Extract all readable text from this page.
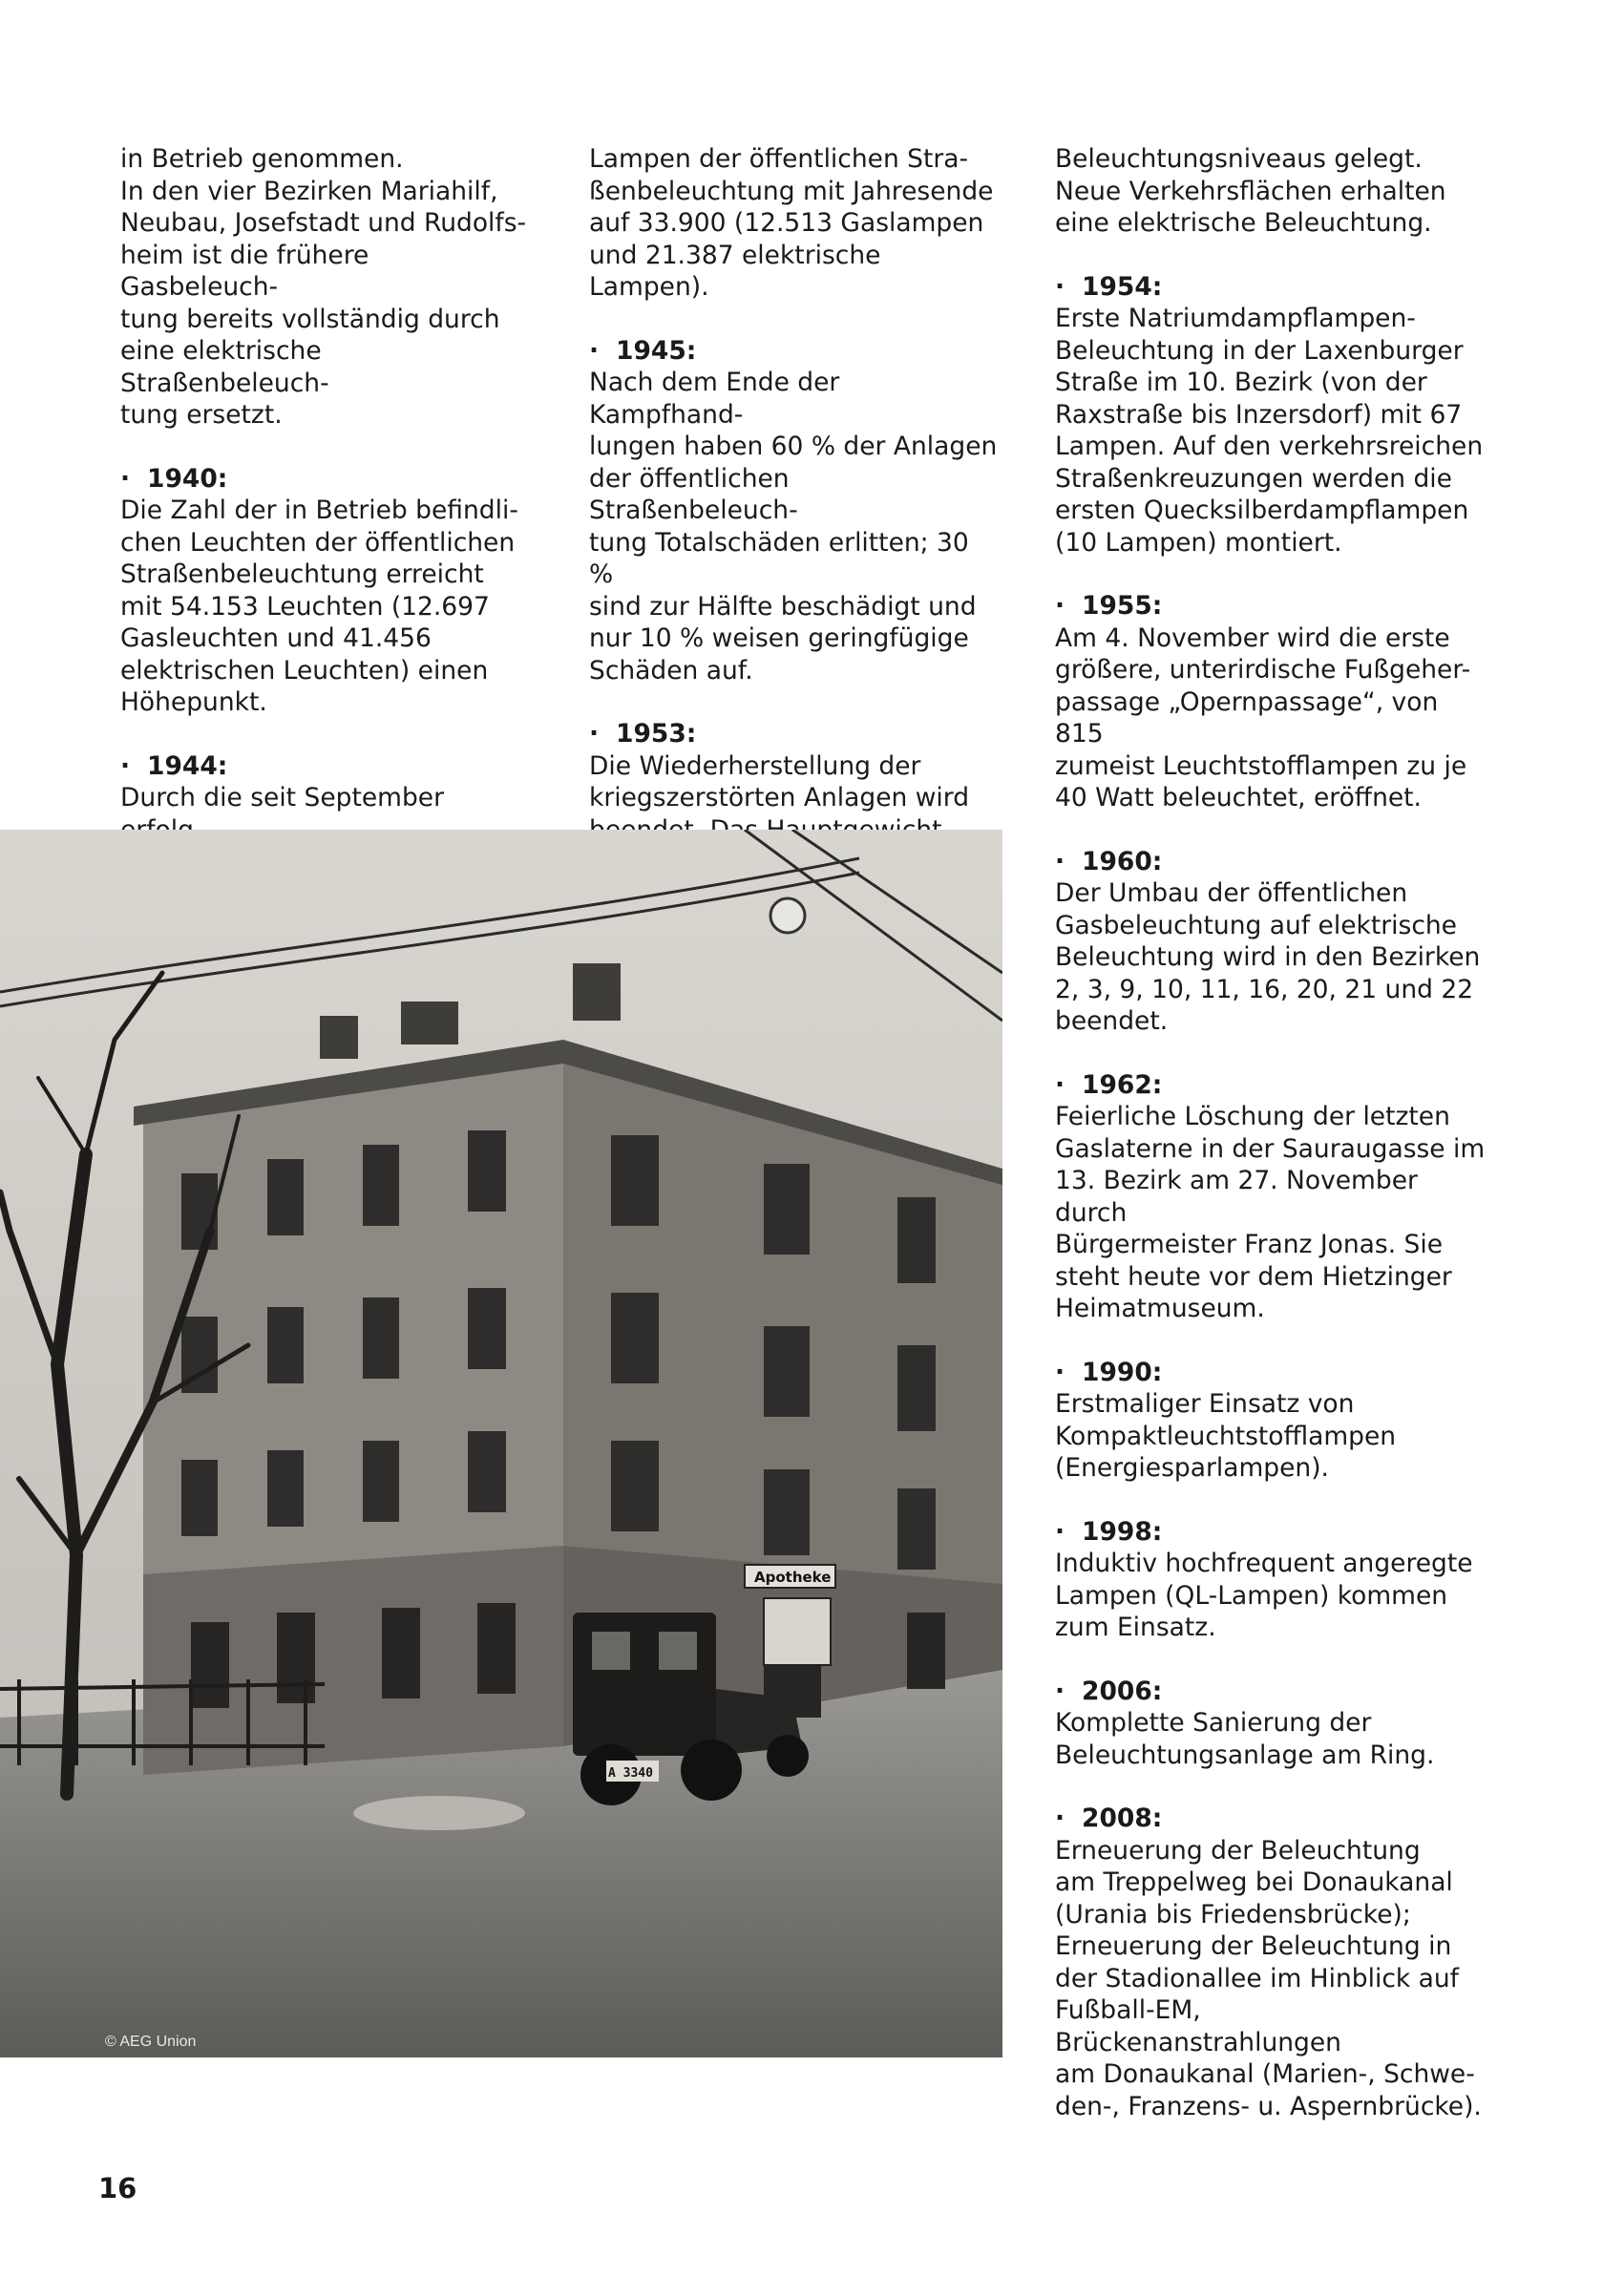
in Betrieb genommen.
In den vier Bezirken Mariahilf,
Neubau, Josefstadt und Rudolfs-
heim ist die frühere Gasbeleuch-
tung bereits vollständig durch
eine elektrische Straßenbeleuch-
tung ersetzt.

· 1940:

Die Zahl der in Betrieb befindli-
chen Leuchten der öffentlichen
Straßenbeleuchtung erreicht
mit 54.153 Leuchten (12.697
Gasleuchten und 41.456
elektrischen Leuchten) einen
Höhepunkt.

· 1944:

Durch die seit September

Lampen der öffentlichen Stra-
ßenbeleuchtung mit Jahresende
auf 33.900 (12.513 Gaslampen
und 21.387 elektrische Lampen).

· 1945:

Nach dem Ende der Kampfhand-
lungen haben 60 % der Anlagen
der öffentlichen Straßenbeleuch-
tung Totalschäden erlitten; 30 %
sind zur Hälfte beschädigt und
nur 10 % weisen geringfügige
Schäden auf.

· 1953:

Die Wiederherstellung der
kriegszerstörten Anlagen wird

Beleuchtungsniveaus gelegt.
Neue Verkehrsflächen erhalten
eine elektrische Beleuchtung.

· 1954:

Erste Natriumdampflampen-
Beleuchtung in der Laxenburger
Straße im 10. Bezirk (von der
Raxstraße bis Inzersdorf) mit 67
Lampen. Auf den verkehrsreichen
Straßenkreuzungen werden die
ersten Quecksilberdampflampen
(10 Lampen) montiert.

· 1955:

Am 4. November wird die erste
größere, unterirdische Fußgeher-
passage „Opernpassage“, von 815
zumeist Leuchtstofflampen zu je
40 Watt beleuchtet, eröffnet.

· 1960:

Der Umbau der öffentlichen
Gasbeleuchtung auf elektrische
Beleuchtung wird in den Bezirken
2, 3, 9, 10, 11, 16, 20, 21 und 22
beendet.

· 1962:

Feierliche Löschung der letzten
Gaslaterne in der Sauraugasse im
13. Bezirk am 27. November durch
Bürgermeister Franz Jonas. Sie
steht heute vor dem Hietzinger
Heimatmuseum.

· 1990:

Erstmaliger Einsatz von
Kompaktleuchtstofflampen
(Energiesparlampen).

· 1998:

Induktiv hochfrequent angeregte
Lampen (QL-Lampen) kommen
zum Einsatz.

· 2006:

Komplette Sanierung der
Beleuchtungsanlage am Ring.

· 2008:

Erneuerung der Beleuchtung
am Treppelweg bei Donaukanal
(Urania bis Friedensbrücke);
Erneuerung der Beleuchtung in
der Stadionallee im Hinblick auf
Fußball-EM, Brückenanstrahlungen
am Donaukanal (Marien-, Schwe-
den-, Franzens- u. Aspernbrücke).

Apotheke
A 3340
© AEG Union
16
